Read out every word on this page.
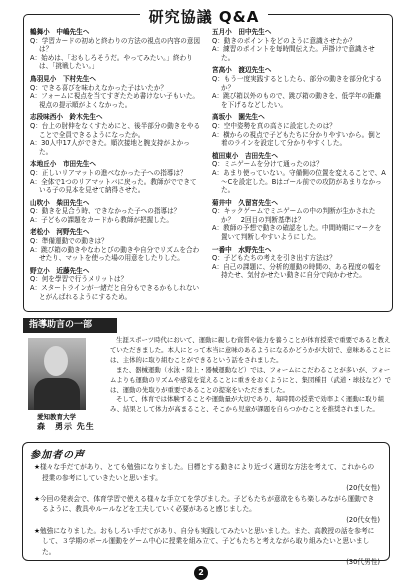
研究協議 Q&A
鶴舞小　中嶋先生へ
Q：学習カードの初めと終わりの方法の視点の内容の意図は？
A：始めは、「おもしろそうだ。やってみたい。」終わりは、「挑戦したい。」
鳥羽見小　下村先生へ
Q：できる喜びを味わえなかった子はいたか？
A：フォームに視点を当てすぎたため書けない子もいた。視点の提示順がよくなかった。
志段味西小　鈴木先生へ
Q：台上の肘伸をなくすためにと、後半部分の動きをやることで全員できるようになったか。
A：30人中17人ができた。順次接地と腕支持がよかった。
本地丘小　市田先生へ
Q：正しいリアマットの進べなかった子への指導は？
A：全体で1つのリアマットバに戻った。教師がでできている子の見本を見せて納得させた。
山吹小　柴田先生へ
Q：動きを見合う時、できなかった子への指導は？
A：子どもの課題をカードから教師が把握した。
老松小　河野先生へ
Q：準備運動での動きは？
A：跳び箱の動きやなわとびの動きや自分でリズムを合わせたり、マットを使った場の用意をしたりした。
野立小　近藤先生へ
Q：何を學習で行うメリットは？
A：スタートラインが一緒だと自分もできるかもしれないとがんばれるようにするため。
五月小　田中先生へ
Q：動きのポイントをどのように意識させたか？
A：練習のポイントを毎時間伝えた。声掛けで意識させた。
宮高小　渡辺先生へ
Q：もう一度実践するとしたら、部分の動きを部分化するか？
A：跳び箱以外のもので、跳び箱の動きを、低学年の距離を下げるなどしたい。
高坂小　園先生へ
Q：空中姿勢を真の高さに設定したのは？
A：横からの視点で子どもたちに分かりやすいから。倒と着のラインを設定して分かりやすくした。
植田東小　吉田先生へ
Q：ミニゲームを分けて通ったのは？
A：あまり使っていない。守備側の位置を変えることで、A～Cを設定した。Bはゴール前での攻防があまりなかった。
菊井中　久留宮先生へ
Q：キックゲームでミニゲームの中の判断が生かされたか？　2回目の判断基準は？
A：教師の予想で動きの確認をした。中間時期にマークを置いて判断しやすいようにした。
一番中　水野先生へ
Q：子どもたちの考えを引き出す方法は？
A：自己の課題に、分析的運動の時間の、ある程度の幅を持たせ、気付かせたい動きに自分で向かわせた。
指導助言の一部
愛知教育大学
森　勇示 先生

生涯スポーツ時代において、運動に親しむ資質や能力を養うことが体育授業で重要であると教えていただきました。本人にとって本当に意味のあるようになるかどうかが大切で、意味あることには、主体的に取り組むことができるという話をされました。

また、器械運動（水泳・陸上・器械運動など）では、フォームにこだわることが多いが、フォームよりも運動のリズムや感覚を覚えることに重きをおくようにと、集団種目（武道・球技など）では、運動の先取りが重要であることの提案をいただきました。

そして、体育では体験することや運動量が大切であり、毎時間の授業で効率よく運動に取り組み、結果として体力が高まること、そこから児童が課題を自らつかむことを推奨されました。

参加者の声

★様々な手だてがあり、とても勉強になりました。目標とする動きにより近づく適切な方法を考えて、これからの授業の参考にしていきたいと思います。
(20代女性)

★今回の発表会で、体育学習で使える様々な手立てを学びました。子どもたちが意欲をもち楽しみながら運動できるように、教具やルールなどを工夫していく必要があると感じました。
(20代女性)

★勉強になりました。おもしろい手だてがあり、自分も実践してみたいと思いました。また、高教授の話を参考にして、３学期のボール運動をゲーム中心に授業を組み立て、子どもたちと考えながら取り組みたいと思いました。
(30代男性)

2
